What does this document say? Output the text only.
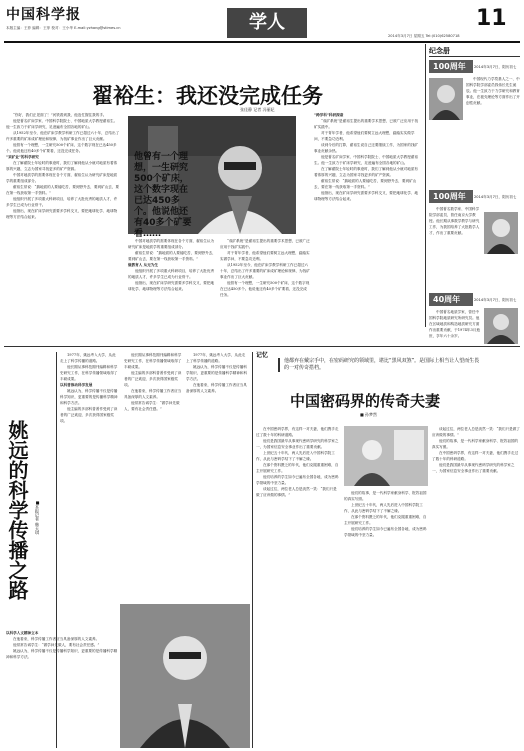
中国科学报
本版主编：王菲 编辑：王菲 校对：王小华 E-mail:yzhang@stimes.cn	学人	11
2014年3月7日 星期五 Tel:(010)62580718
翟裕生：我还没完成任务
张佳静 记者 冯丽妃
他曾有一个理想，一生研究500个矿床，这个数字现在已达450多个。他说他还有40多个矿要看……

“你好，我们正见面了！”河铁看到我，他连忙握住我的手。

他是著名矿床学家、中国科学院院士、中国地质大学教授翟裕生。他一生致力于矿床学研究，足迹遍布全国各地的矿山。

从1952年至今，他在矿床学教学科研工作已超过六十年，总结出了许多重要的矿床成矿理论和规律，为找矿事业作出了巨大贡献。

他曾有一个理想，一生研究500个矿床，这个数字现在已达450多个。他说他还有40多个矿要看，还没完成任务。

“采矿业”的科学研究

在了解翟院士年轻时的事迹时，我们了解到他从小就对地质有着浓厚的兴趣，立志为国家寻找更多的矿产资源。

中国对地质学的需要体现在各个方面，翟裕生认为研究矿床是地质学的重要组成部分。

翟裕生常说：“搞地质的人要能吃苦，要到野外去，要到矿山去，要在第一线获取第一手资料。”

他组织开展了多项重大科研项目，培养了大批优秀的地质人才，许多学生已成为行业骨干。

他指出，现在矿床学研究需要多学科交叉，要把地球化学、地球物理等方法结合起来。

中国对地质学的需要体现在各个方面，翟裕生认为研究矿床是地质学的重要组成部分。

翟裕生常说：“搞地质的人要能吃苦，要到野外去，要到矿山去，要在第一线获取第一手资料。”

做教育人 从无为生

他组织开展了多项重大科研项目，培养了大批优秀的地质人才，许多学生已成为行业骨干。

他指出，现在矿床学研究需要多学科交叉，要把地球化学、地球物理等方法结合起来。

“成矿系统”是翟裕生提出的重要学术思想，已被广泛应用于找矿实践中。

对于青年学者，他希望他们要树立远大理想，踏踏实实做学问，不要急功近利。

从1952年至今，他在矿床学教学科研工作已超过六十年，总结出了许多重要的矿床成矿理论和规律，为找矿事业作出了巨大贡献。

他曾有一个理想，一生研究500个矿床，这个数字现在已达450多个。他说他还有40多个矿要看，还没完成任务。

“跨学科”科研探索

“成矿系统”是翟裕生提出的重要学术思想，已被广泛应用于找矿实践中。

对于青年学者，他希望他们要树立远大理想，踏踏实实做学问，不要急功近利。

谈到今后的打算，翟裕生说自己还要继续工作，为国家的找矿事业贡献余热。

他是著名矿床学家、中国科学院院士、中国地质大学教授翟裕生。他一生致力于矿床学研究，足迹遍布全国各地的矿山。

在了解翟院士年轻时的事迹时，我们了解到他从小就对地质有着浓厚的兴趣，立志为国家寻找更多的矿产资源。

翟裕生常说：“搞地质的人要能吃苦，要到野外去，要到矿山去，要在第一线获取第一手资料。”

他指出，现在矿床学研究需要多学科交叉，要把地球化学、地球物理等方法结合起来。

纪念册
100周年	2014年3月7日，阴历初七

中国现代力学奠基人之一、中国科学院学部委员钱伟长先生诞辰。他一生致力于力学研究和教育事业，在板壳理论等方面作出了开创性贡献。

100周年	2014年3月7日，阴历初七

中国著名数学家、中国科学院学部委员，曾任南京大学教授。他长期从事数学教学与研究工作，为我国培养了大批数学人才，作出了重要贡献。

40周年	2014年3月7日，阴历初七

中国著名地质学家，曾任中国科学院地质研究所研究员。他在区域地质和构造地质研究方面作出重要贡献，于1974年3月逝世，享年六十余岁。

姚远的科学传播之路 ■本报记者 韩天琪

1977年，姚远考入大学，从此走上了科学传播的道路。

他长期从事科技期刊编辑和科学史研究工作，在科学传播领域取得了丰硕成果。

以科普推动科学发展

姚远认为，科学传播不仅是传播科学知识，更重要的是传播科学精神和科学方法。

他主编的多部科普著作受到了读者的广泛欢迎，多次获得国家级奖项。

以科学人文精神立本

在他看来，科学传播工作者应当具备深厚的人文素养。

他常常告诫学生：“做学问先做人，要有社会责任感。”

姚远认为，科学传播不仅是传播科学知识，更重要的是传播科学精神和科学方法。

他长期从事科技期刊编辑和科学史研究工作，在科学传播领域取得了丰硕成果。

他主编的多部科普著作受到了读者的广泛欢迎，多次获得国家级奖项。

在他看来，科学传播工作者应当具备深厚的人文素养。

他常常告诫学生：“做学问先做人，要有社会责任感。”

1977年，姚远考入大学，从此走上了科学传播的道路。

姚远认为，科学传播不仅是传播科学知识，更重要的是传播科学精神和科学方法。

在他看来，科学传播工作者应当具备深厚的人文素养。

记忆
他都弃在戴宗手中，在密码研究的领域里，堪比“黑风双煞”。是国际上相当让人望而生畏的一对传奇搭档。
中国密码界的传奇夫妻
■ 孙梦然

在中国密码学界，有这样一对夫妻，他们携手走过了数十年的科研道路。

他们是我国最早从事现代密码学研究的科学家之一，为国家信息安全事业作出了重要贡献。

上世纪五十年代，两人先后进入中国科学院工作，从此与密码学结下了不解之缘。

在那个资料匮乏的年代，他们克服重重困难，自主开展研究工作。

他们培养的学生如今已遍布全国各地，成为密码学领域的中坚力量。

谈起过往，两位老人总是淡然一笑：“我们只是做了应该做的事情。”	他们的故事，是一代科学家献身科学、报效祖国的真实写照。

上世纪五十年代，两人先后进入中国科学院工作，从此与密码学结下了不解之缘。

在那个资料匮乏的年代，他们克服重重困难，自主开展研究工作。

他们培养的学生如今已遍布全国各地，成为密码学领域的中坚力量。

谈起过往，两位老人总是淡然一笑：“我们只是做了应该做的事情。”

他们的故事，是一代科学家献身科学、报效祖国的真实写照。

在中国密码学界，有这样一对夫妻，他们携手走过了数十年的科研道路。

他们是我国最早从事现代密码学研究的科学家之一，为国家信息安全事业作出了重要贡献。
